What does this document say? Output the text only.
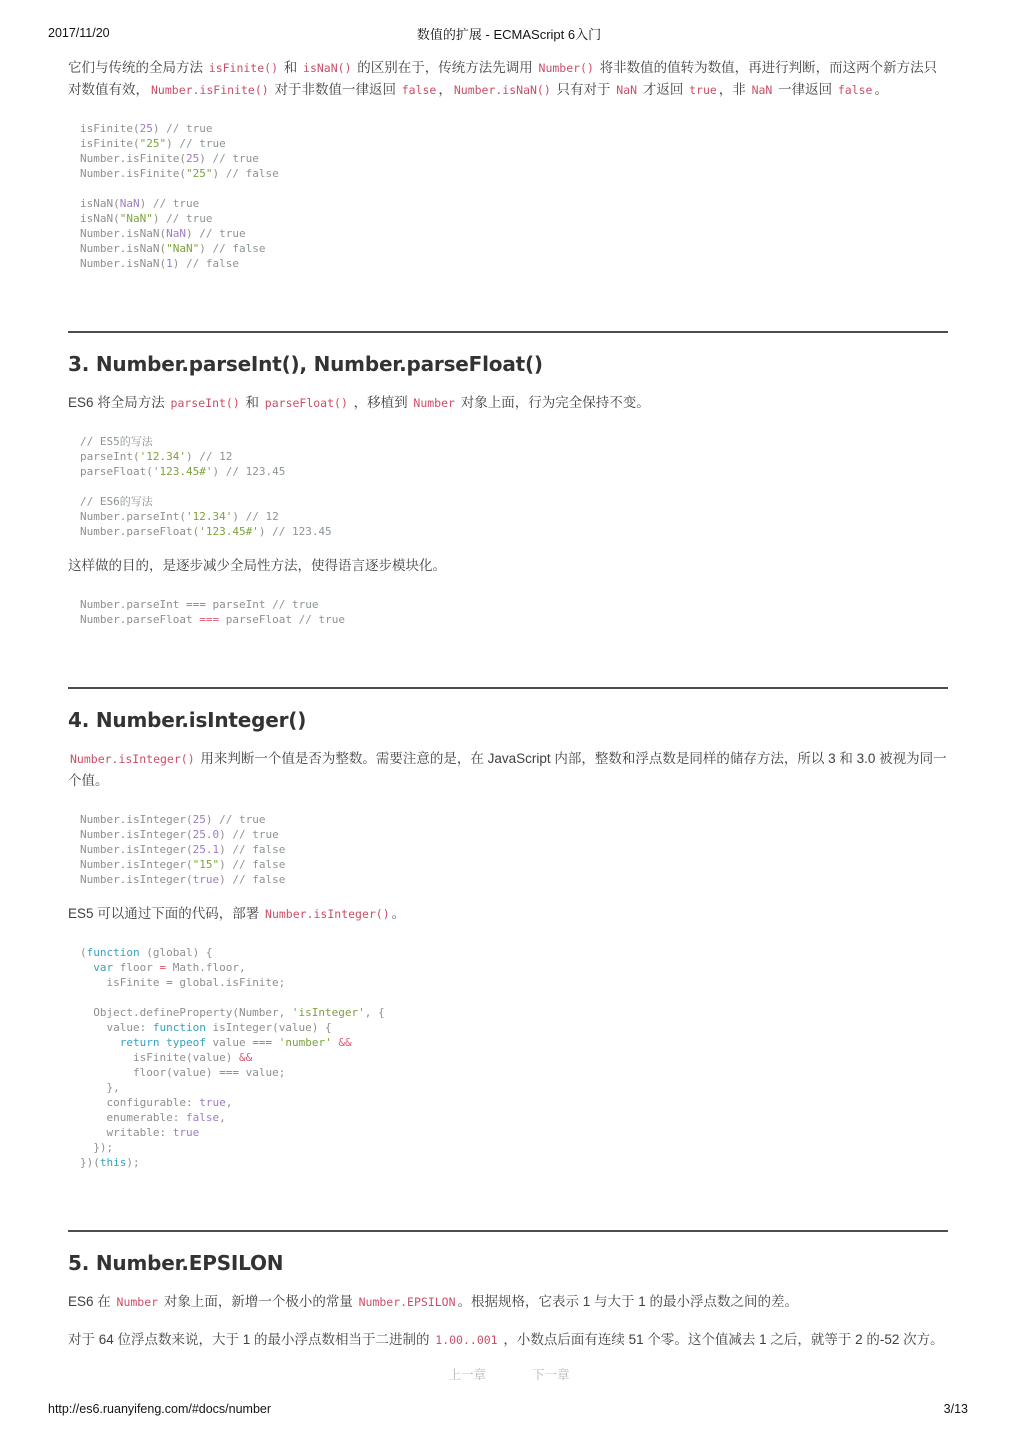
2017/11/20	数值的扩展 - ECMAScript 6入门
它们与传统的全局方法 isFinite() 和 isNaN() 的区别在于，传统方法先调用 Number() 将非数值的值转为数值，再进行判断，而这两个新方法只对数值有效， Number.isFinite() 对于非数值一律返回 false ， Number.isNaN() 只有对于 NaN 才返回 true ，非 NaN 一律返回 false 。
isFinite(25) // true
isFinite("25") // true
Number.isFinite(25) // true
Number.isFinite("25") // false

isNaN(NaN) // true
isNaN("NaN") // true
Number.isNaN(NaN) // true
Number.isNaN("NaN") // false
Number.isNaN(1) // false
3. Number.parseInt(), Number.parseFloat()
ES6 将全局方法 parseInt() 和 parseFloat() ，移植到 Number 对象上面，行为完全保持不变。
// ES5的写法
parseInt('12.34') // 12
parseFloat('123.45#') // 123.45

// ES6的写法
Number.parseInt('12.34') // 12
Number.parseFloat('123.45#') // 123.45
这样做的目的，是逐步减少全局性方法，使得语言逐步模块化。
Number.parseInt === parseInt // true
Number.parseFloat === parseFloat // true
4. Number.isInteger()
Number.isInteger() 用来判断一个值是否为整数。需要注意的是，在 JavaScript 内部，整数和浮点数是同样的储存方法，所以 3 和 3.0 被视为同一个值。
Number.isInteger(25) // true
Number.isInteger(25.0) // true
Number.isInteger(25.1) // false
Number.isInteger("15") // false
Number.isInteger(true) // false
ES5 可以通过下面的代码，部署 Number.isInteger() 。
(function (global) {
var floor = Math.floor,
isFinite = global.isFinite;

Object.defineProperty(Number, 'isInteger', {
value: function isInteger(value) {
return typeof value === 'number' &&
isFinite(value) &&
floor(value) === value;
},
configurable: true,
enumerable: false,
writable: true
});
})(this);
5. Number.EPSILON
ES6 在 Number 对象上面，新增一个极小的常量 Number.EPSILON 。根据规格，它表示 1 与大于 1 的最小浮点数之间的差。
对于 64 位浮点数来说，大于 1 的最小浮点数相当于二进制的 1.00..001 ，小数点后面有连续 51 个零。这个值减去 1 之后，就等于 2 的-52 次方。
上一章	下一章
http://es6.ruanyifeng.com/#docs/number	3/13
